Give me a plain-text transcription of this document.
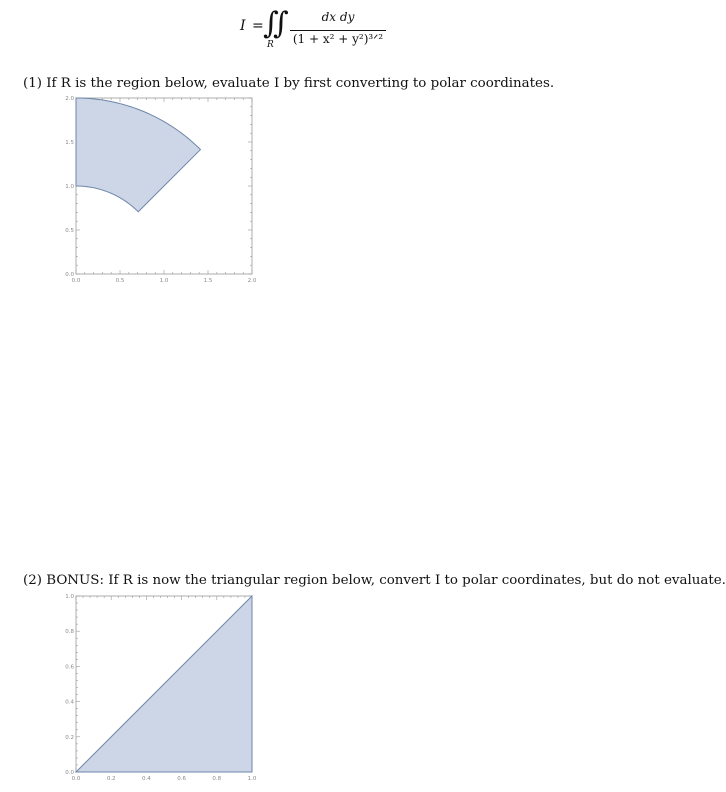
I = ∬
R
dx dy
(1 + x² + y²)³ᐟ²
(1) If R is the region below, evaluate I by first converting to polar coordinates.
0.0	0.5	1.0	1.5	2.0
0.0
0.5
1.0
1.5
2.0
(2) BONUS: If R is now the triangular region below, convert I to polar coordinates, but do not evaluate.
0.0	0.2	0.4	0.6	0.8	1.0
0.0
0.2
0.4
0.6
0.8
1.0
